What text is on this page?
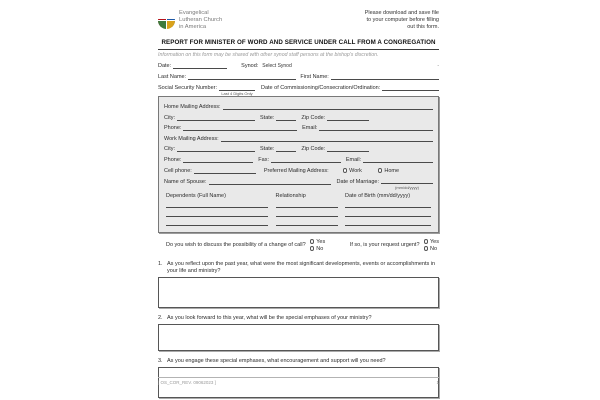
Evangelical
Lutheran Church
in America
Please download and save file
to your computer before filling
out this form.
REPORT FOR MINISTER OF WORD AND SERVICE UNDER CALL FROM A CONGREGATION
Information on this form may be shared with other synod staff persons at the bishop's discretion.
Date:	Synod: Select Synod	-
Last Name:	First Name:
Social Security Number:
Last 4 Digits Only
Date of Commissioning/Consecration/Ordination:
Home Mailing Address:
City:	State:	Zip Code:
Phone:	Email:
Work Mailing Address:
City:	State:	Zip Code:
Phone:	Fax:	Email:
Cell phone:	Preferred Mailing Address:	Work	Home
Name of Spouse:	Date of Marriage:
(mm/dd/yyyy)
Dependents (Full Name)	Relationship	Date of Birth (mm/dd/yyyy)
Do you wish to discuss the possibility of a change of call?
Yes
No
If so, is your request urgent?
Yes
No
1. As you reflect upon the past year, what were the most significant developments, events or accomplishments in your life and ministry?
2. As you look forward to this year, what will be the special emphases of your ministry?
3. As you engage these special emphases, what encouragement and support will you need?
[ OS_COR_REV. 09062023 ]	1
